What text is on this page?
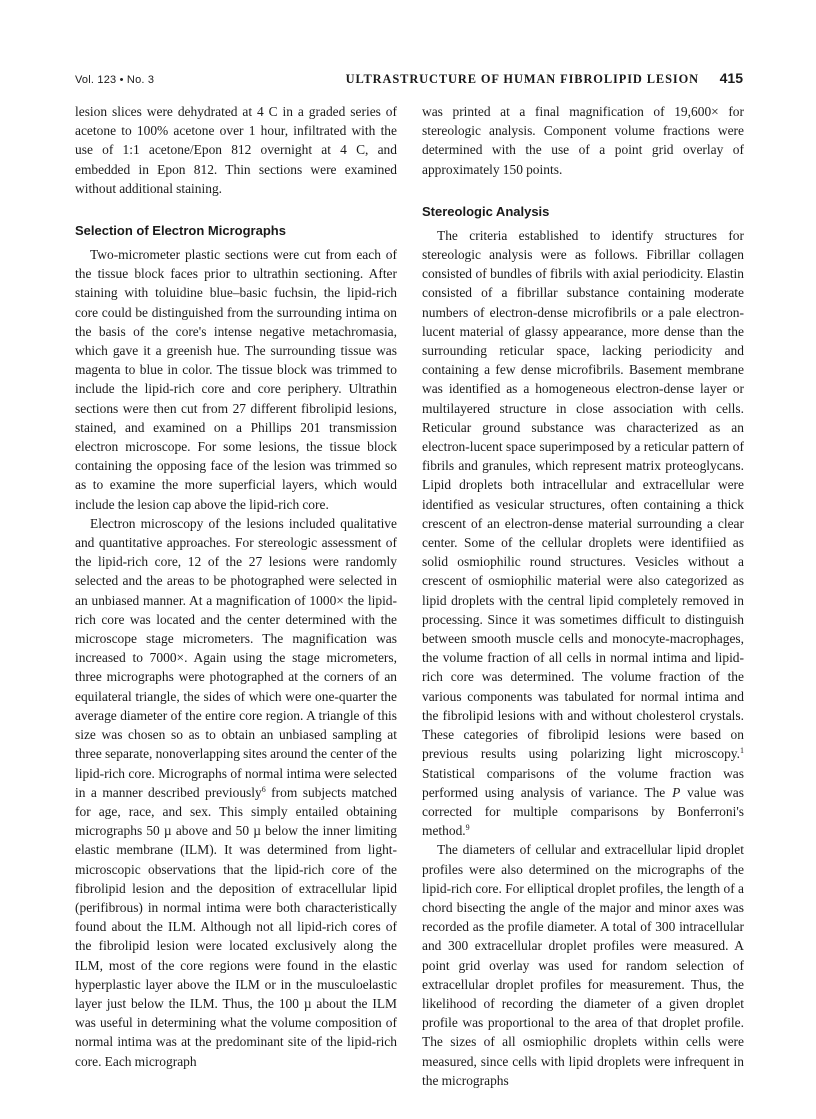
Vol. 123 • No. 3	ULTRASTRUCTURE OF HUMAN FIBROLIPID LESION 415

lesion slices were dehydrated at 4 C in a graded series of acetone to 100% acetone over 1 hour, infiltrated with the use of 1:1 acetone/Epon 812 overnight at 4 C, and embedded in Epon 812. Thin sections were examined without additional staining.

Selection of Electron Micrographs

Two-micrometer plastic sections were cut from each of the tissue block faces prior to ultrathin sectioning. After staining with toluidine blue–basic fuchsin, the lipid-rich core could be distinguished from the surrounding intima on the basis of the core's intense negative metachromasia, which gave it a greenish hue. The surrounding tissue was magenta to blue in color. The tissue block was trimmed to include the lipid-rich core and core periphery. Ultrathin sections were then cut from 27 different fibrolipid lesions, stained, and examined on a Phillips 201 transmission electron microscope. For some lesions, the tissue block containing the opposing face of the lesion was trimmed so as to examine the more superficial layers, which would include the lesion cap above the lipid-rich core.

Electron microscopy of the lesions included qualitative and quantitative approaches. For stereologic assessment of the lipid-rich core, 12 of the 27 lesions were randomly selected and the areas to be photographed were selected in an unbiased manner. At a magnification of 1000× the lipid-rich core was located and the center determined with the microscope stage micrometers. The magnification was increased to 7000×. Again using the stage micrometers, three micrographs were photographed at the corners of an equilateral triangle, the sides of which were one-quarter the average diameter of the entire core region. A triangle of this size was chosen so as to obtain an unbiased sampling at three separate, nonoverlapping sites around the center of the lipid-rich core. Micrographs of normal intima were selected in a manner described previously$^6$ from subjects matched for age, race, and sex. This simply entailed obtaining micrographs 50 µ above and 50 µ below the inner limiting elastic membrane (ILM). It was determined from light-microscopic observations that the lipid-rich core of the fibrolipid lesion and the deposition of extracellular lipid (perifibrous) in normal intima were both characteristically found about the ILM. Although not all lipid-rich cores of the fibrolipid lesion were located exclusively along the ILM, most of the core regions were found in the elastic hyperplastic layer above the ILM or in the musculoelastic layer just below the ILM. Thus, the 100 µ about the ILM was useful in determining what the volume composition of normal intima was at the predominant site of the lipid-rich core. Each micrograph

was printed at a final magnification of 19,600× for stereologic analysis. Component volume fractions were determined with the use of a point grid overlay of approximately 150 points.

Stereologic Analysis

The criteria established to identify structures for stereologic analysis were as follows. Fibrillar collagen consisted of bundles of fibrils with axial periodicity. Elastin consisted of a fibrillar substance containing moderate numbers of electron-dense microfibrils or a pale electron-lucent material of glassy appearance, more dense than the surrounding reticular space, lacking periodicity and containing a few dense microfibrils. Basement membrane was identified as a homogeneous electron-dense layer or multilayered structure in close association with cells. Reticular ground substance was characterized as an electron-lucent space superimposed by a reticular pattern of fibrils and granules, which represent matrix proteoglycans. Lipid droplets both intracellular and extracellular were identified as vesicular structures, often containing a thick crescent of an electron-dense material surrounding a clear center. Some of the cellular droplets were identifiied as solid osmiophilic round structures. Vesicles without a crescent of osmiophilic material were also categorized as lipid droplets with the central lipid completely removed in processing. Since it was sometimes difficult to distinguish between smooth muscle cells and monocyte-macrophages, the volume fraction of all cells in normal intima and lipid-rich core was determined. The volume fraction of the various components was tabulated for normal intima and the fibrolipid lesions with and without cholesterol crystals. These categories of fibrolipid lesions were based on previous results using polarizing light microscopy.$^1$ Statistical comparisons of the volume fraction was performed using analysis of variance. The P value was corrected for multiple comparisons by Bonferroni's method.$^9$

The diameters of cellular and extracellular lipid droplet profiles were also determined on the micrographs of the lipid-rich core. For elliptical droplet profiles, the length of a chord bisecting the angle of the major and minor axes was recorded as the profile diameter. A total of 300 intracellular and 300 extracellular droplet profiles were measured. A point grid overlay was used for random selection of extracellular droplet profiles for measurement. Thus, the likelihood of recording the diameter of a given droplet profile was proportional to the area of that droplet profile. The sizes of all osmiophilic droplets within cells were measured, since cells with lipid droplets were infrequent in the micrographs
